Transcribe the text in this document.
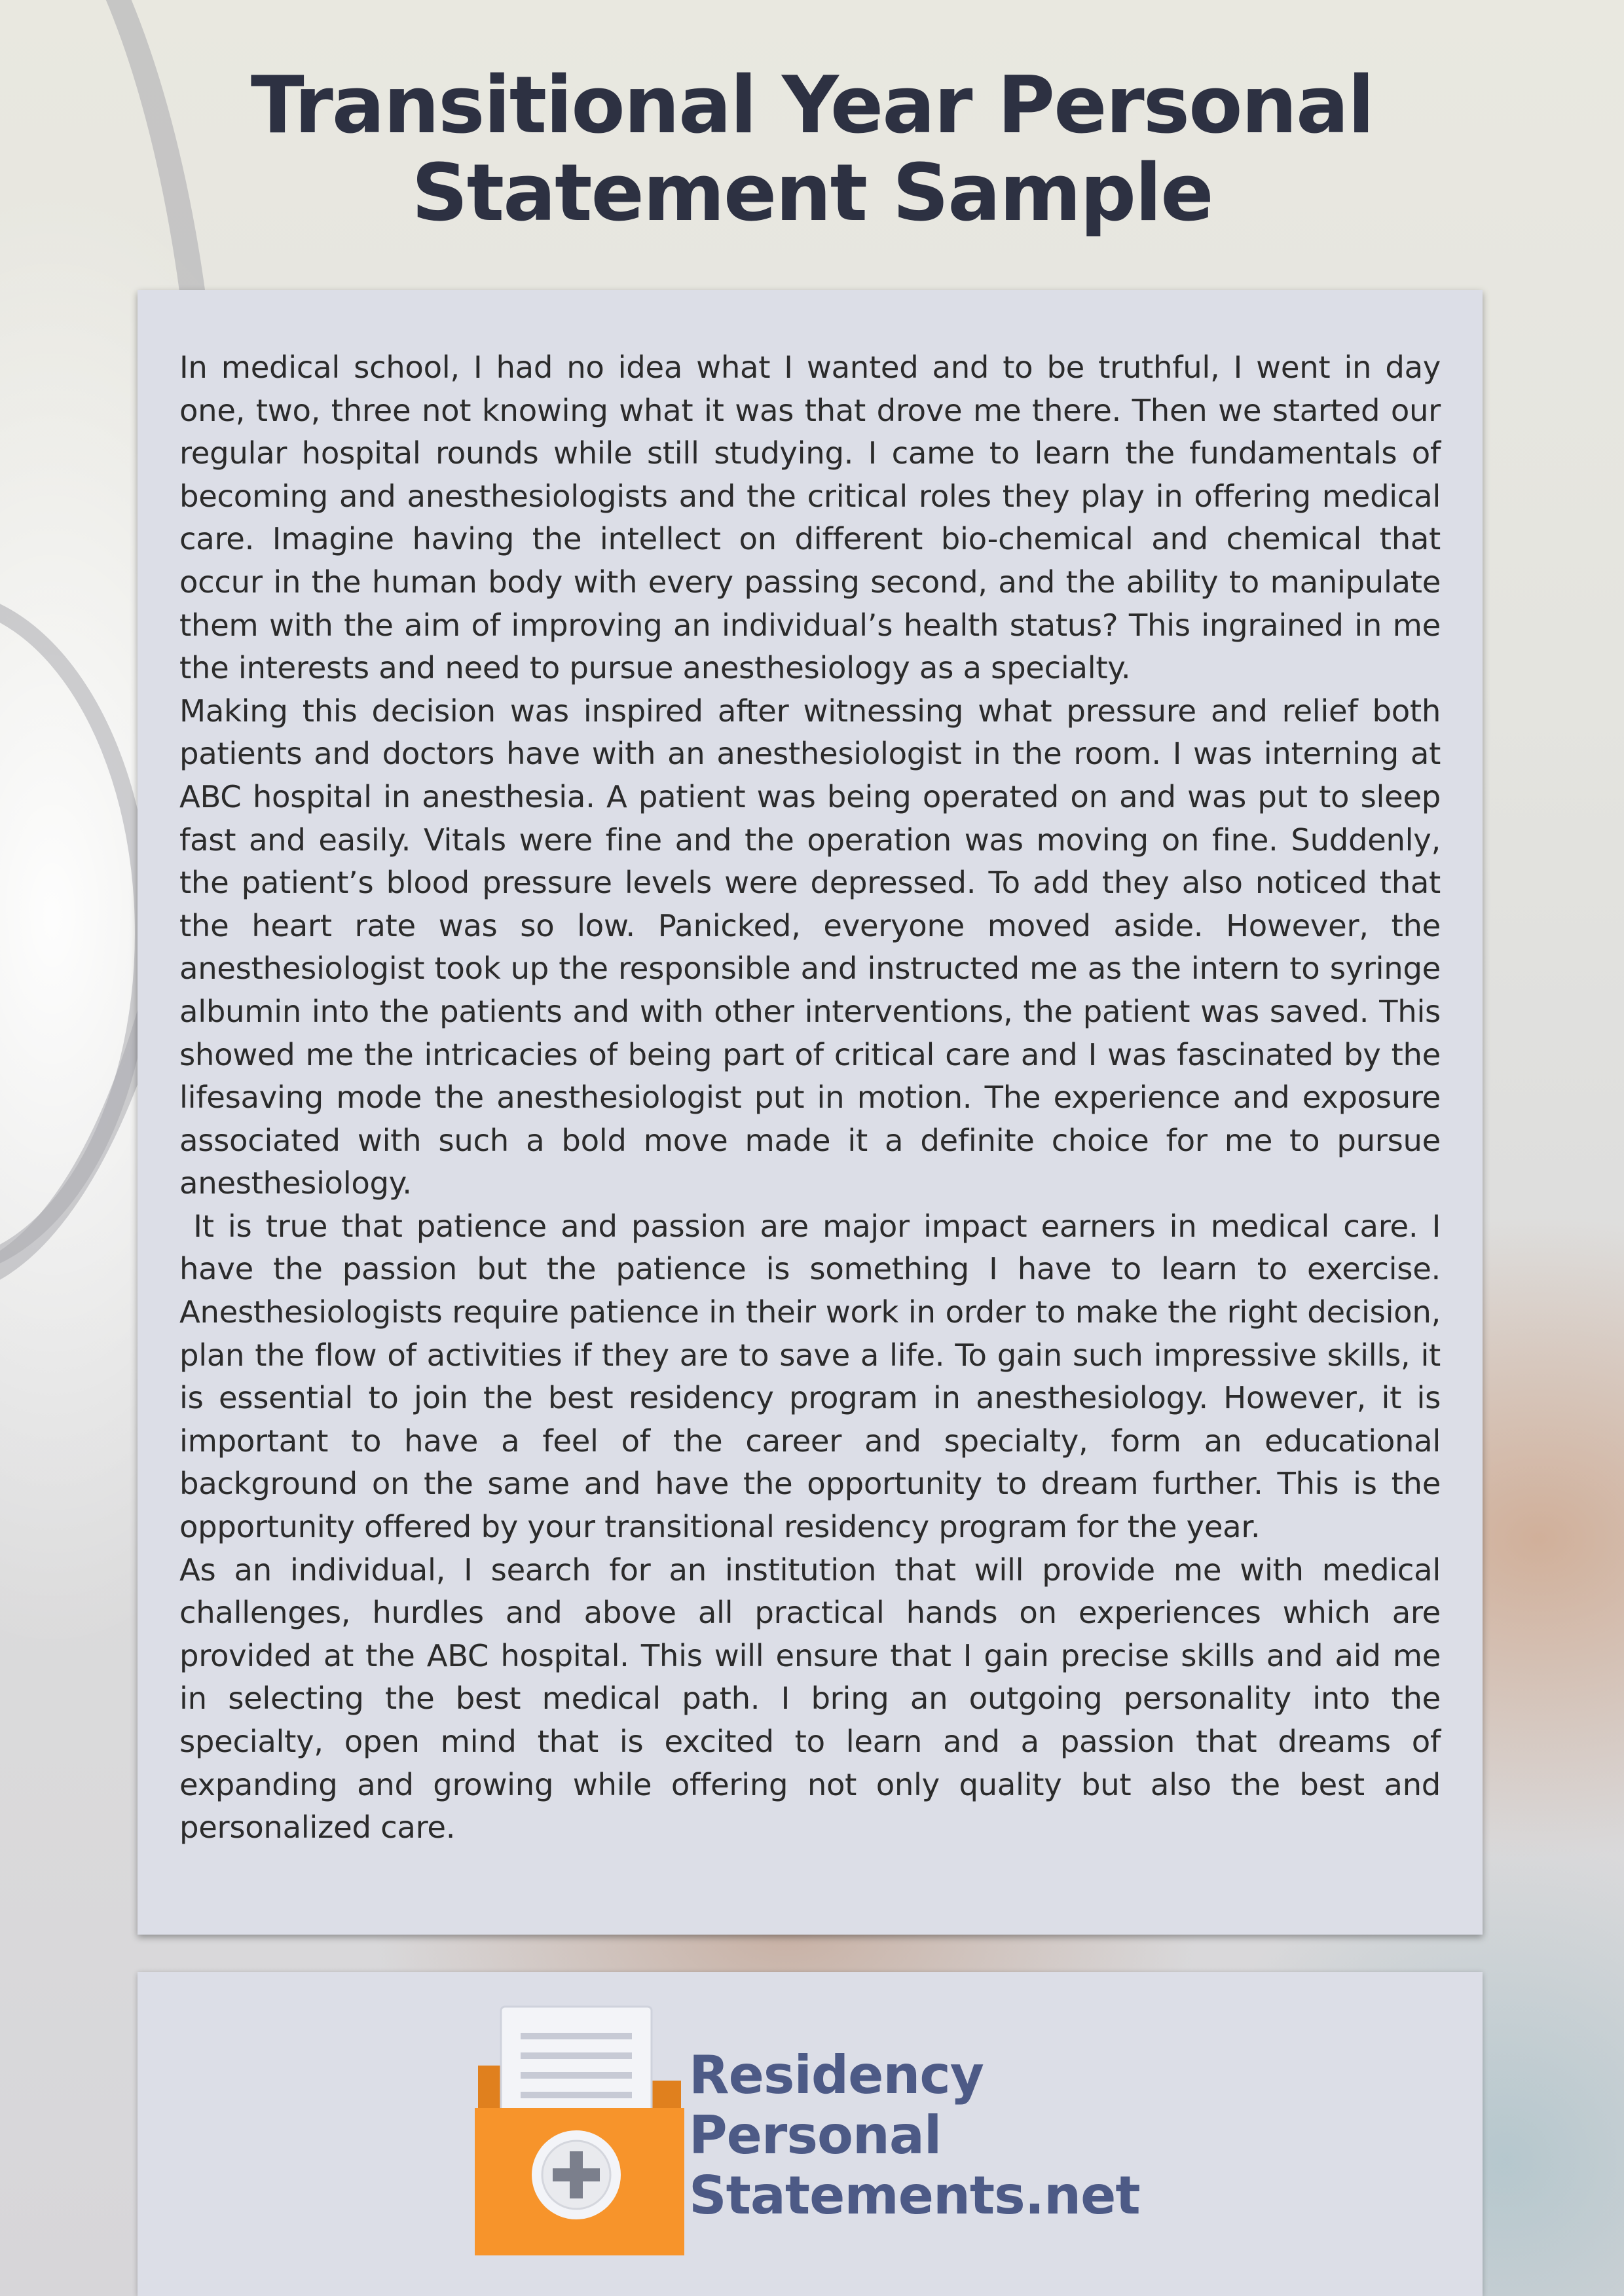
Transitional Year Personal
Statement Sample

In medical school, I had no idea what I wanted and to be truthful, I went in day one, two, three not knowing what it was that drove me there. Then we started our regular hospital rounds while still studying. I came to learn the fundamentals of becoming and anesthesiologists and the critical roles they play in offering medical care. Imagine having the intellect on different bio-chemical and chemical that occur in the human body with every passing second, and the ability to manipulate them with the aim of improving an individual’s health status? This ingrained in me the interests and need to pursue anesthesiology as a specialty.

Making this decision was inspired after witnessing what pressure and relief both patients and doctors have with an anesthesiologist in the room. I was interning at ABC hospital in anesthesia. A patient was being operated on and was put to sleep fast and easily. Vitals were fine and the operation was moving on fine. Suddenly, the patient’s blood pressure levels were depressed. To add they also noticed that the heart rate was so low. Panicked, everyone moved aside. However, the anesthesiologist took up the responsible and instructed me as the intern to syringe albumin into the patients and with other interventions, the patient was saved. This showed me the intricacies of being part of critical care and I was fascinated by the lifesaving mode the anesthesiologist put in motion. The experience and exposure associated with such a bold move made it a definite choice for me to pursue anesthesiology.

It is true that patience and passion are major impact earners in medical care. I have the passion but the patience is something I have to learn to exercise. Anesthesiologists require patience in their work in order to make the right decision, plan the flow of activities if they are to save a life. To gain such impressive skills, it is essential to join the best residency program in anesthesiology. However, it is important to have a feel of the career and specialty, form an educational background on the same and have the opportunity to dream further. This is the opportunity offered by your transitional residency program for the year.

As an individual, I search for an institution that will provide me with medical challenges, hurdles and above all practical hands on experiences which are provided at the ABC hospital. This will ensure that I gain precise skills and aid me in selecting the best medical path. I bring an outgoing personality into the specialty, open mind that is excited to learn and a passion that dreams of expanding and growing while offering not only quality but also the best and personalized care.

Residency
Personal
Statements.net
